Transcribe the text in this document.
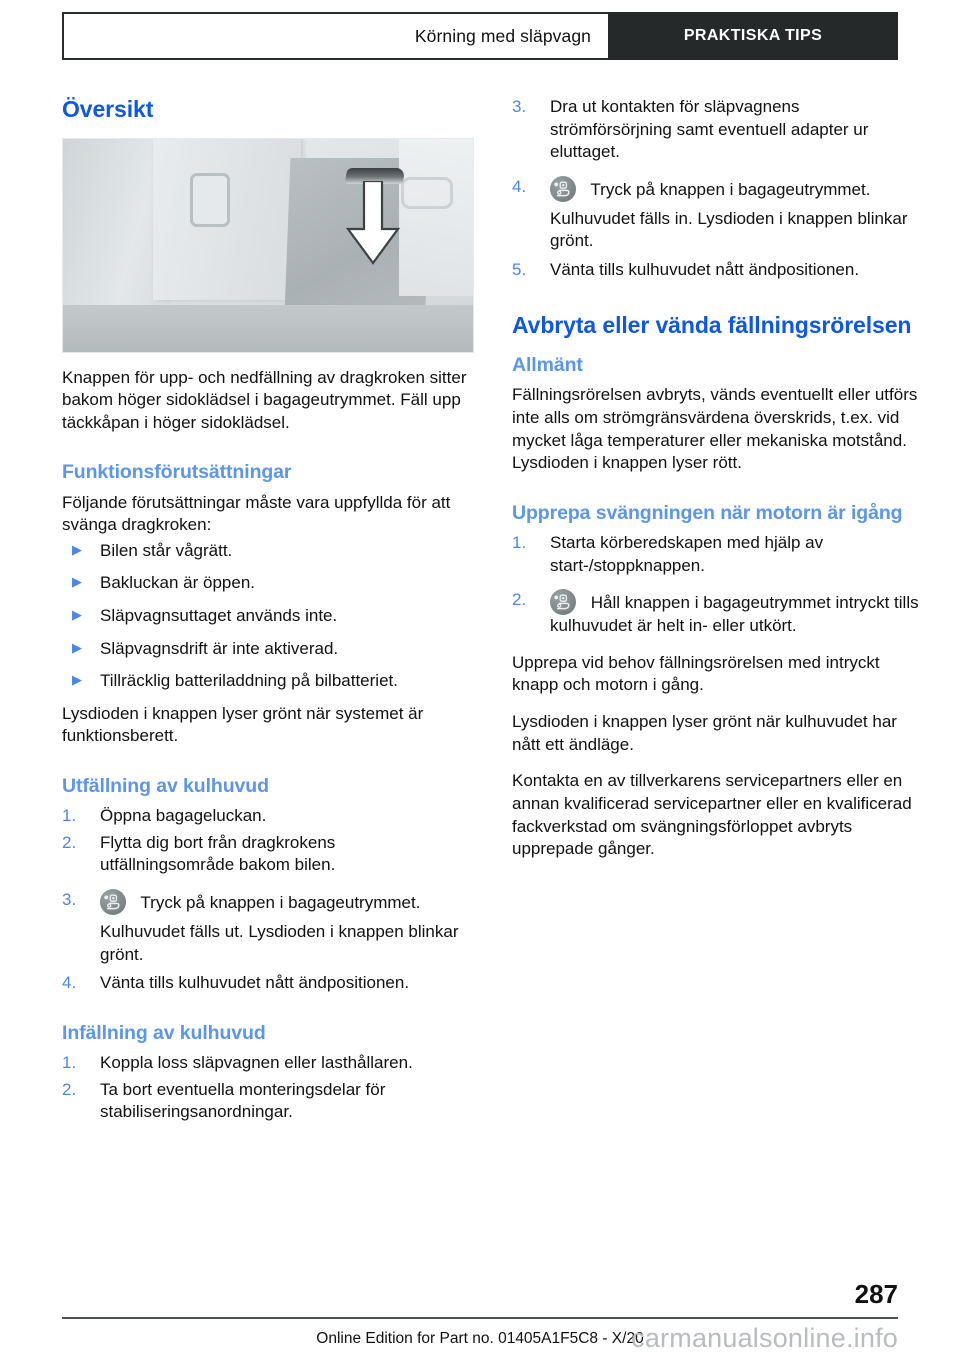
Körning med släpvagn	PRAKTISKA TIPS
Översikt

Knappen för upp- och nedfällning av dragkroken sitter bakom höger sidoklädsel i bagageutrymmet. Fäll upp täckkåpan i höger sidoklädsel.

Funktionsförutsättningar

Följande förutsättningar måste vara uppfyllda för att svänga dragkroken:

▶ Bilen står vågrätt.
▶ Bakluckan är öppen.
▶ Släpvagnsuttaget används inte.
▶ Släpvagnsdrift är inte aktiverad.
▶ Tillräcklig batteriladdning på bilbatteriet.

Lysdioden i knappen lyser grönt när systemet är funktionsberett.

Utfällning av kulhuvud
1.	Öppna bagageluckan.
2.	Flytta dig bort från dragkrokens utfällningsområde bakom bilen.
3.	Tryck på knappen i bagageutrymmet.
Kulhuvudet fälls ut. Lysdioden i knappen blinkar grönt.
4.	Vänta tills kulhuvudet nått ändpositionen.
Infällning av kulhuvud
1.	Koppla loss släpvagnen eller lasthållaren.
2.	Ta bort eventuella monteringsdelar för stabiliseringsanordningar.
3.	Dra ut kontakten för släpvagnens strömförsörjning samt eventuell adapter ur eluttaget.
4.	Tryck på knappen i bagageutrymmet.
Kulhuvudet fälls in. Lysdioden i knappen blinkar grönt.
5.	Vänta tills kulhuvudet nått ändpositionen.
Avbryta eller vända fällningsrörelsen
Allmänt

Fällningsrörelsen avbryts, vänds eventuellt eller utförs inte alls om strömgränsvärdena överskrids, t.ex. vid mycket låga temperaturer eller mekaniska motstånd. Lysdioden i knappen lyser rött.

Upprepa svängningen när motorn är igång
1.	Starta körberedskapen med hjälp av start-/stoppknappen.
2.	Håll knappen i bagageutrymmet intryckt tills kulhuvudet är helt in- eller utkört.

Upprepa vid behov fällningsrörelsen med intryckt knapp och motorn i gång.

Lysdioden i knappen lyser grönt när kulhuvudet har nått ett ändläge.

Kontakta en av tillverkarens servicepartners eller en annan kvalificerad servicepartner eller en kvalificerad fackverkstad om svängningsförloppet avbryts upprepade gånger.

287
Online Edition for Part no. 01405A1F5C8 - X/20
carmanualsonline.info
